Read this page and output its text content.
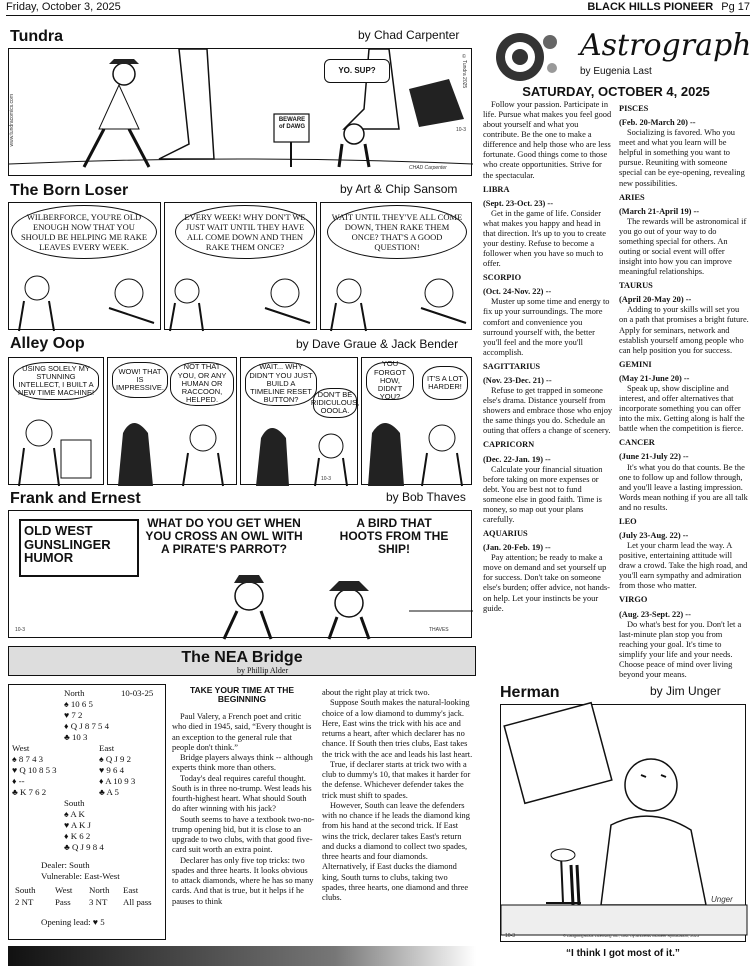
Friday, October 3, 2025	BLACK HILLS PIONEER Pg 17
Tundra	by Chad Carpenter
YO. SUP?
BEWARE of DAWG
www.tundracomics.com
©Tundra 2025
10-3
CHAD Carpenter
The Born Loser	by Art & Chip Sansom
WILBERFORCE, YOU'RE OLD ENOUGH NOW THAT YOU SHOULD BE HELPING ME RAKE LEAVES EVERY WEEK.
EVERY WEEK! WHY DON'T WE JUST WAIT UNTIL THEY HAVE ALL COME DOWN AND THEN RAKE THEM ONCE?
WAIT UNTIL THEY'VE ALL COME DOWN, THEN RAKE THEM ONCE? THAT'S A GOOD QUESTION!
Alley Oop	by Dave Graue & Jack Bender
USING SOLELY MY STUNNING INTELLECT, I BUILT A NEW TIME MACHINE!
WOW! THAT IS IMPRESSIVE.
NOT THAT YOU, OR ANY HUMAN OR RACCOON, HELPED.
WAIT... WHY DIDN'T YOU JUST BUILD A TIMELINE RESET BUTTON?
DON'T BE RIDICULOUS, OOOLA.
10-3
YOU FORGOT HOW, DIDN'T YOU?
IT'S A LOT HARDER!
Frank and Ernest	by Bob Thaves
OLD WEST GUNSLINGER HUMOR
WHAT DO YOU GET WHEN YOU CROSS AN OWL WITH A PIRATE'S PARROT?
A BIRD THAT HOOTS FROM THE SHIP!
10-3	THAVES
Astrograph
by Eugenia Last
SATURDAY, OCTOBER 4, 2025

Follow your passion. Participate in life. Pursue what makes you feel good about yourself and what you contribute. Be the one to make a difference and help those who are less fortunate. Good things come to those who create opportunities. Strive for the spectacular.

LIBRA
(Sept. 23-Oct. 23) --

Get in the game of life. Consider what makes you happy and head in that direction. It's up to you to create your destiny. Refuse to become a follower when you have so much to offer.

SCORPIO
(Oct. 24-Nov. 22) --

Muster up some time and energy to fix up your surroundings. The more comfort and convenience you surround yourself with, the better you'll feel and the more you'll accomplish.

SAGITTARIUS
(Nov. 23-Dec. 21) --

Refuse to get trapped in someone else's drama. Distance yourself from showers and embrace those who enjoy the same things you do. Schedule an outing that offers a change of scenery.

CAPRICORN
(Dec. 22-Jan. 19) --

Calculate your financial situation before taking on more expenses or debt. You are best not to fund someone else in good faith. Time is money, so map out your plans carefully.

AQUARIUS
(Jan. 20-Feb. 19) --

Pay attention; be ready to make a move on demand and set yourself up for success. Don't take on someone else's burden; offer advice, not hands-on help. Let your instincts be your guide.

PISCES
(Feb. 20-March 20) --

Socializing is favored. Who you meet and what you learn will be helpful in something you want to pursue. Reuniting with someone special can be eye-opening, revealing new possibilities.

ARIES
(March 21-April 19) --

The rewards will be astronomical if you go out of your way to do something special for others. An outing or social event will offer insight into how you can improve meaningful relationships.

TAURUS
(April 20-May 20) --

Adding to your skills will set you on a path that promises a bright future. Apply for seminars, network and establish yourself among people who can help position you for success.

GEMINI
(May 21-June 20) --

Speak up, show discipline and interest, and offer alternatives that incorporate something you can offer into the mix. Getting along is half the battle when the competition is fierce.

CANCER
(June 21-July 22) --

It's what you do that counts. Be the one to follow up and follow through, and you'll leave a lasting impression. Words mean nothing if you are all talk and no results.

LEO
(July 23-Aug. 22) --

Let your charm lead the way. A positive, entertaining attitude will draw a crowd. Take the high road, and you'll earn sympathy and admiration from those who matter.

VIRGO
(Aug. 23-Sept. 22) --

Do what's best for you. Don't let a last-minute plan stop you from reaching your goal. It's time to simplify your life and your needs. Choose peace of mind over living beyond your means.

The NEA Bridge
by Phillip Alder
North	10-03-25
♠ 10 6 5
♥ 7 2
♦ Q J 8 7 5 4
♣ 10 3
West
♠ 8 7 4 3
♥ Q 10 8 5 3
♦ --
♣ K 7 6 2
East
♠ Q J 9 2
♥ 9 6 4
♦ A 10 9 3
♣ A 5
South
♠ A K
♥ A K J
♦ K 6 2
♣ Q J 9 8 4
Dealer: South
Vulnerable: East-West
South	West	North	East
2 NT	Pass	3 NT	All pass
Opening lead: ♥ 5
TAKE YOUR TIME AT THE BEGINNING

Paul Valery, a French poet and critic who died in 1945, said, “Every thought is an exception to the general rule that people don't think.”

Bridge players always think -- although experts think more than others.

Today's deal requires careful thought. South is in three no-trump. West leads his fourth-highest heart. What should South do after winning with his jack?

South seems to have a textbook two-no-trump opening bid, but it is close to an upgrade to two clubs, with that good five-card suit worth an extra point.

Declarer has only five top tricks: two spades and three hearts. It looks obvious to attack diamonds, where he has so many cards. And that is true, but it helps if he pauses to think

about the right play at trick two.

Suppose South makes the natural-looking choice of a low diamond to dummy's jack. Here, East wins the trick with his ace and returns a heart, after which declarer has no chance. If South then tries clubs, East takes the trick with the ace and leads his last heart.

True, if declarer starts at trick two with a club to dummy's 10, that makes it harder for the defense. Whichever defender takes the trick must shift to spades.

However, South can leave the defenders with no chance if he leads the diamond king from his hand at the second trick. If East wins the trick, declarer takes East's return and ducks a diamond to collect two spades, three hearts and four diamonds. Alternatively, if East ducks the diamond king, South turns to clubs, taking two spades, three hearts, one diamond and three clubs.

Herman	by Jim Unger
10-3	© LaughingStock Licensing Inc., Dist. by Andrews McMeel Syndication, 2025
Unger
“I think I got most of it.”
